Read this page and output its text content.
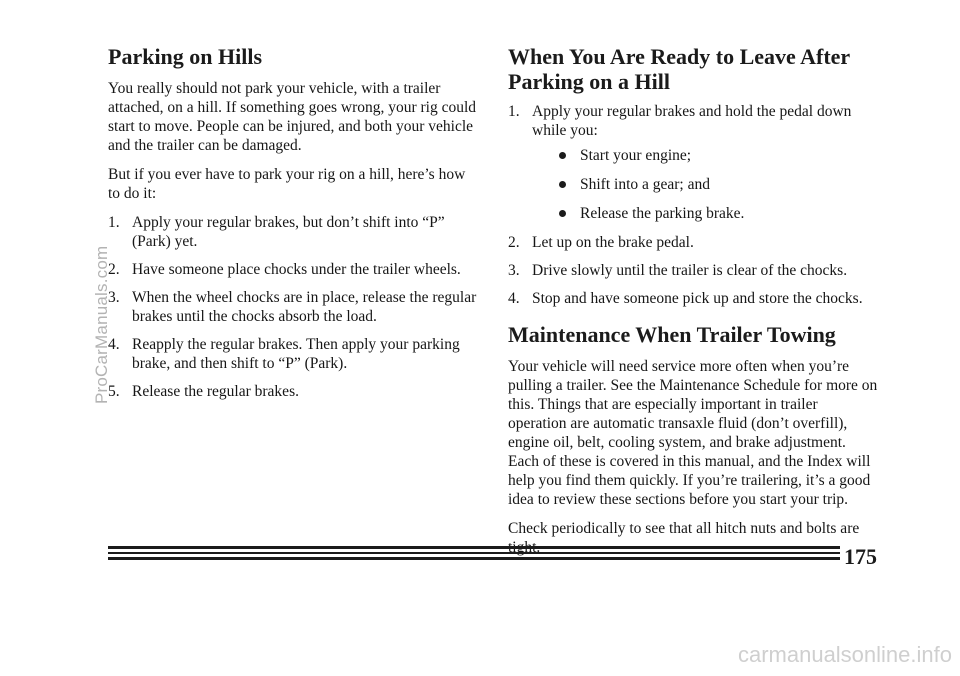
Parking on Hills

You really should not park your vehicle, with a trailer attached, on a hill. If something goes wrong, your rig could start to move. People can be injured, and both your vehicle and the trailer can be damaged.

But if you ever have to park your rig on a hill, here’s how to do it:

1. Apply your regular brakes, but don’t shift into “P” (Park) yet.
2. Have someone place chocks under the trailer wheels.
3. When the wheel chocks are in place, release the regular brakes until the chocks absorb the load.
4. Reapply the regular brakes. Then apply your parking brake, and then shift to “P” (Park).
5. Release the regular brakes.
When You Are Ready to Leave After Parking on a Hill
1. Apply your regular brakes and hold the pedal down while you:
Start your engine;
Shift into a gear; and
Release the parking brake.
2. Let up on the brake pedal.
3. Drive slowly until the trailer is clear of the chocks.
4. Stop and have someone pick up and store the chocks.
Maintenance When Trailer Towing

Your vehicle will need service more often when you’re pulling a trailer. See the Maintenance Schedule for more on this. Things that are especially important in trailer operation are automatic transaxle fluid (don’t overfill), engine oil, belt, cooling system, and brake adjustment. Each of these is covered in this manual, and the Index will help you find them quickly. If you’re trailering, it’s a good idea to review these sections before you start your trip.

Check periodically to see that all hitch nuts and bolts are

175
ProCarManuals.com
carmanualsonline.info
